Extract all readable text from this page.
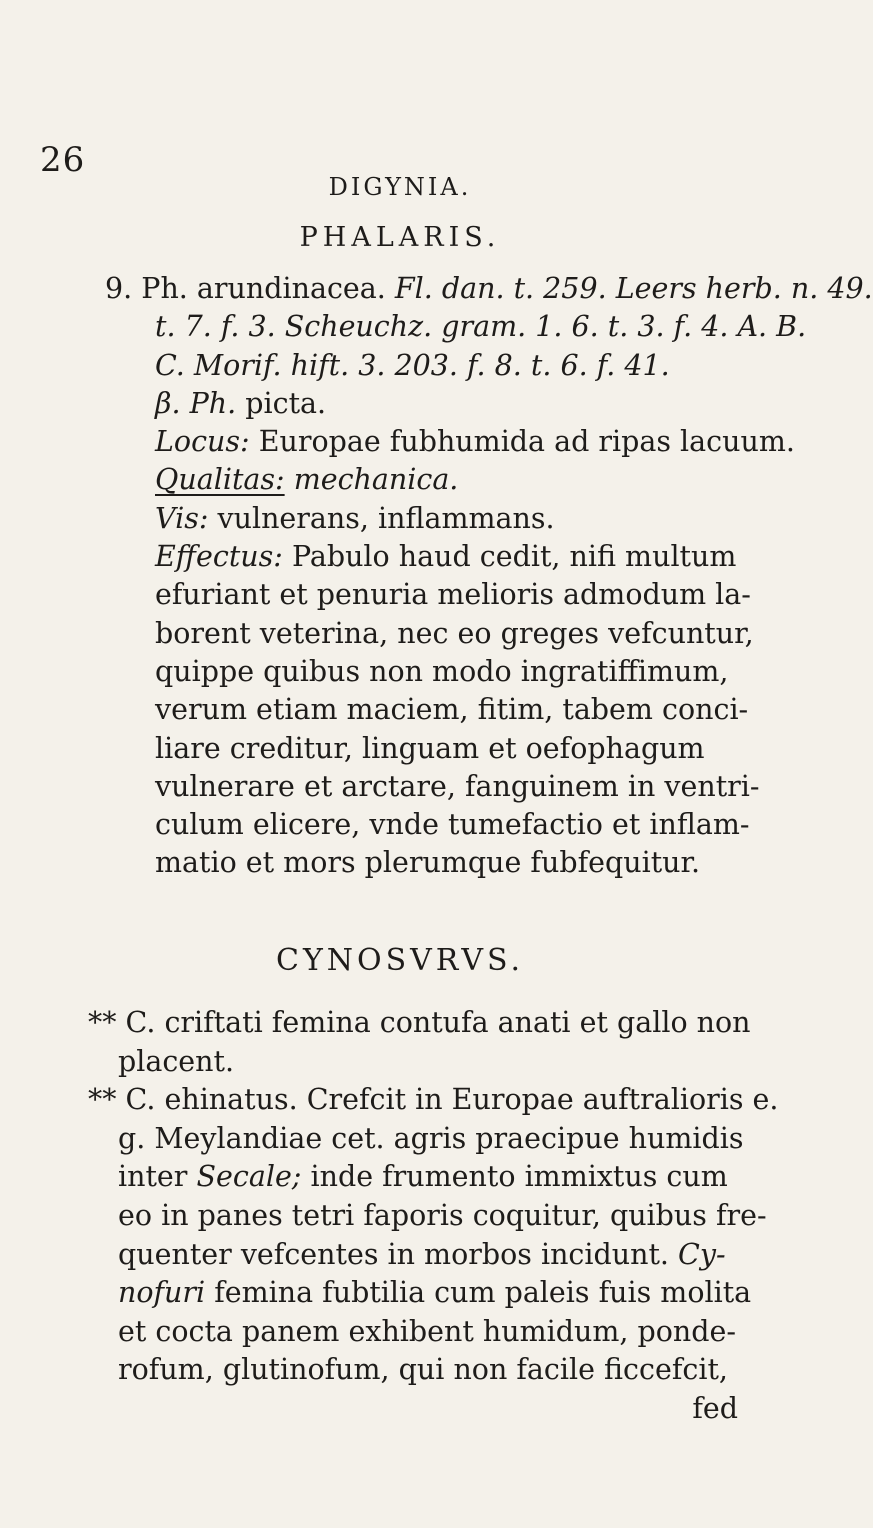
26
DIGYNIA.
PHALARIS.
9. Ph. arundinacea. Fl. dan. t. 259. Leers herb. n. 49.
t. 7. f. 3. Scheuchz. gram. 1. 6. t. 3. f. 4. A. B.
C. Morif. hift. 3. 203. f. 8. t. 6. f. 41.
β. Ph. picta.
Locus: Europae fubhumida ad ripas lacuum.
Qualitas: mechanica.
Vis: vulnerans, inflammans.
Effectus: Pabulo haud cedit, nifi multum
efuriant et penuria melioris admodum la-
borent veterina, nec eo greges vefcuntur,
quippe quibus non modo ingratiffimum,
verum etiam maciem, fitim, tabem conci-
liare creditur, linguam et oefophagum
vulnerare et arctare, fanguinem in ventri-
culum elicere, vnde tumefactio et inflam-
matio et mors plerumque fubfequitur.
CYNOSVRVS.
** C. criftati femina contufa anati et gallo non
placent.
** C. ehinatus. Crefcit in Europae auftralioris e.
g. Meylandiae cet. agris praecipue humidis
inter Secale; inde frumento immixtus cum
eo in panes tetri faporis coquitur, quibus fre-
quenter vefcentes in morbos incidunt. Cy-
nofuri femina fubtilia cum paleis fuis molita
et cocta panem exhibent humidum, ponde-
rofum, glutinofum, qui non facile ficcefcit,
fed
